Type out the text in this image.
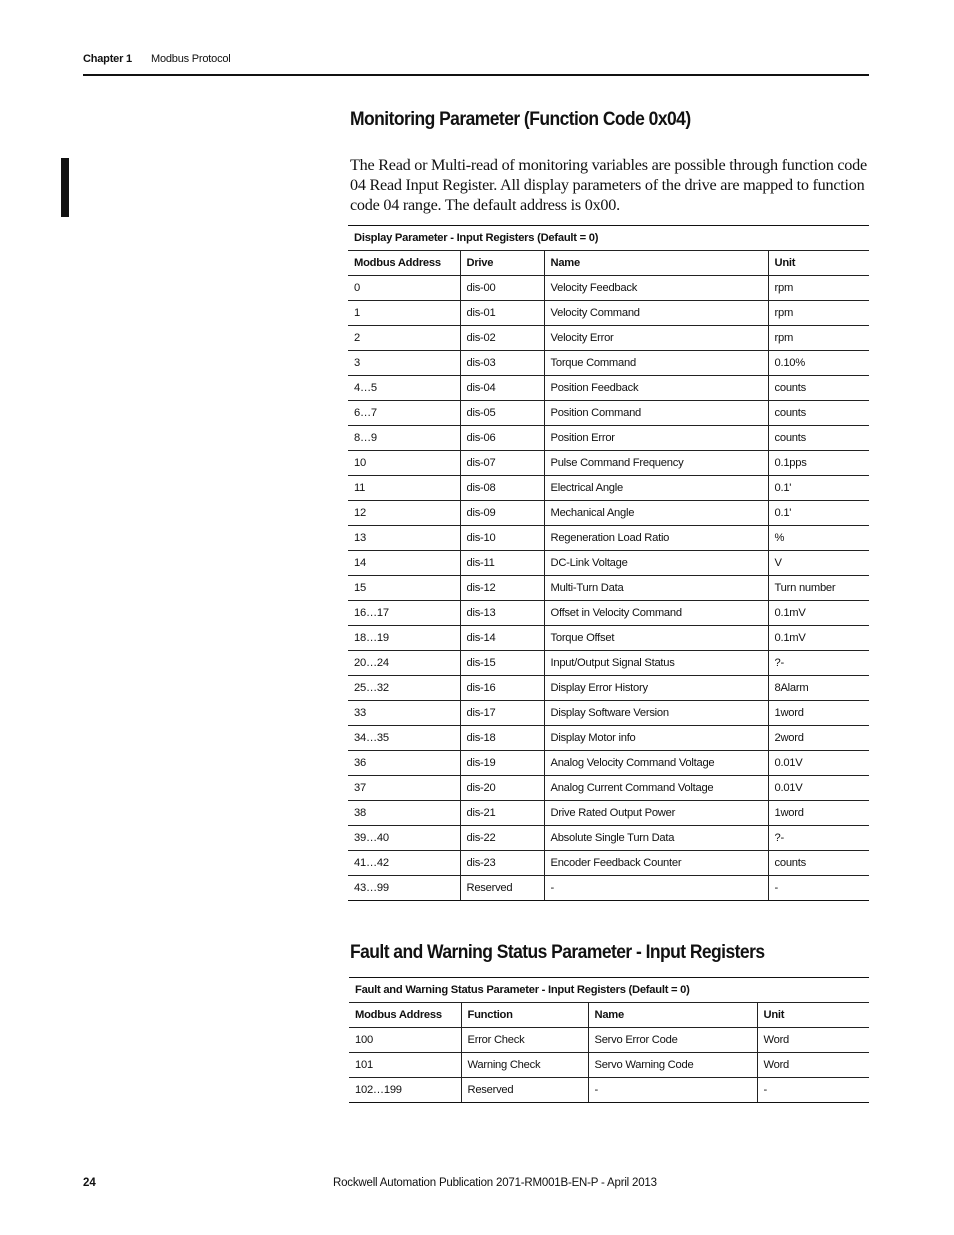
Chapter 1 Modbus Protocol
Monitoring Parameter (Function Code 0x04)

The Read or Multi-read of monitoring variables are possible through function code 04 Read Input Register. All display parameters of the drive are mapped to function code 04 range. The default address is 0x00.

Display Parameter - Input Registers (Default = 0)			
Modbus Address	Drive	Name	Unit
0	dis-00	Velocity Feedback	rpm
1	dis-01	Velocity Command	rpm
2	dis-02	Velocity Error	rpm
3	dis-03	Torque Command	0.10%
4…5	dis-04	Position Feedback	counts
6…7	dis-05	Position Command	counts
8…9	dis-06	Position Error	counts
10	dis-07	Pulse Command Frequency	0.1pps
11	dis-08	Electrical Angle	0.1'
12	dis-09	Mechanical Angle	0.1'
13	dis-10	Regeneration Load Ratio	%
14	dis-11	DC-Link Voltage	V
15	dis-12	Multi-Turn Data	Turn number
16…17	dis-13	Offset in Velocity Command	0.1mV
18…19	dis-14	Torque Offset	0.1mV
20…24	dis-15	Input/Output Signal Status	?-
25…32	dis-16	Display Error History	8Alarm
33	dis-17	Display Software Version	1word
34…35	dis-18	Display Motor info	2word
36	dis-19	Analog Velocity Command Voltage	0.01V
37	dis-20	Analog Current Command Voltage	0.01V
38	dis-21	Drive Rated Output Power	1word
39…40	dis-22	Absolute Single Turn Data	?-
41…42	dis-23	Encoder Feedback Counter	counts
43…99	Reserved	-	-
Fault and Warning Status Parameter - Input Registers
Fault and Warning Status Parameter - Input Registers (Default = 0)			
Modbus Address	Function	Name	Unit
100	Error Check	Servo Error Code	Word
101	Warning Check	Servo Warning Code	Word
102…199	Reserved	-	-
24	Rockwell Automation Publication 2071-RM001B-EN-P - April 2013
